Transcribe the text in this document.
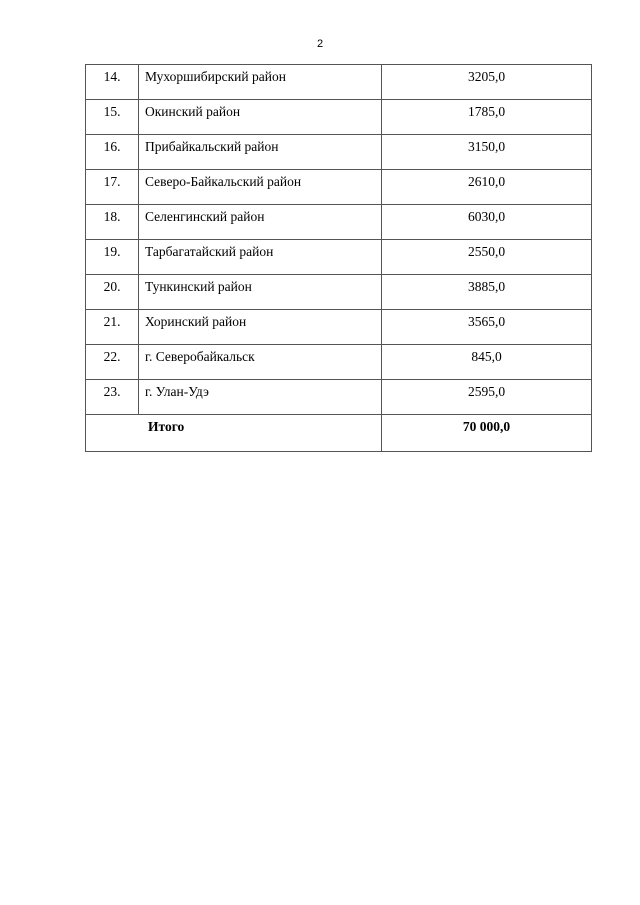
2
14.	Мухоршибирский район	3205,0
15.	Окинский район	1785,0
16.	Прибайкальский район	3150,0
17.	Северо-Байкальский район	2610,0
18.	Селенгинский район	6030,0
19.	Тарбагатайский район	2550,0
20.	Тункинский район	3885,0
21.	Хоринский район	3565,0
22.	г. Северобайкальск	845,0
23.	г. Улан-Удэ	2595,0
Итого		70 000,0
